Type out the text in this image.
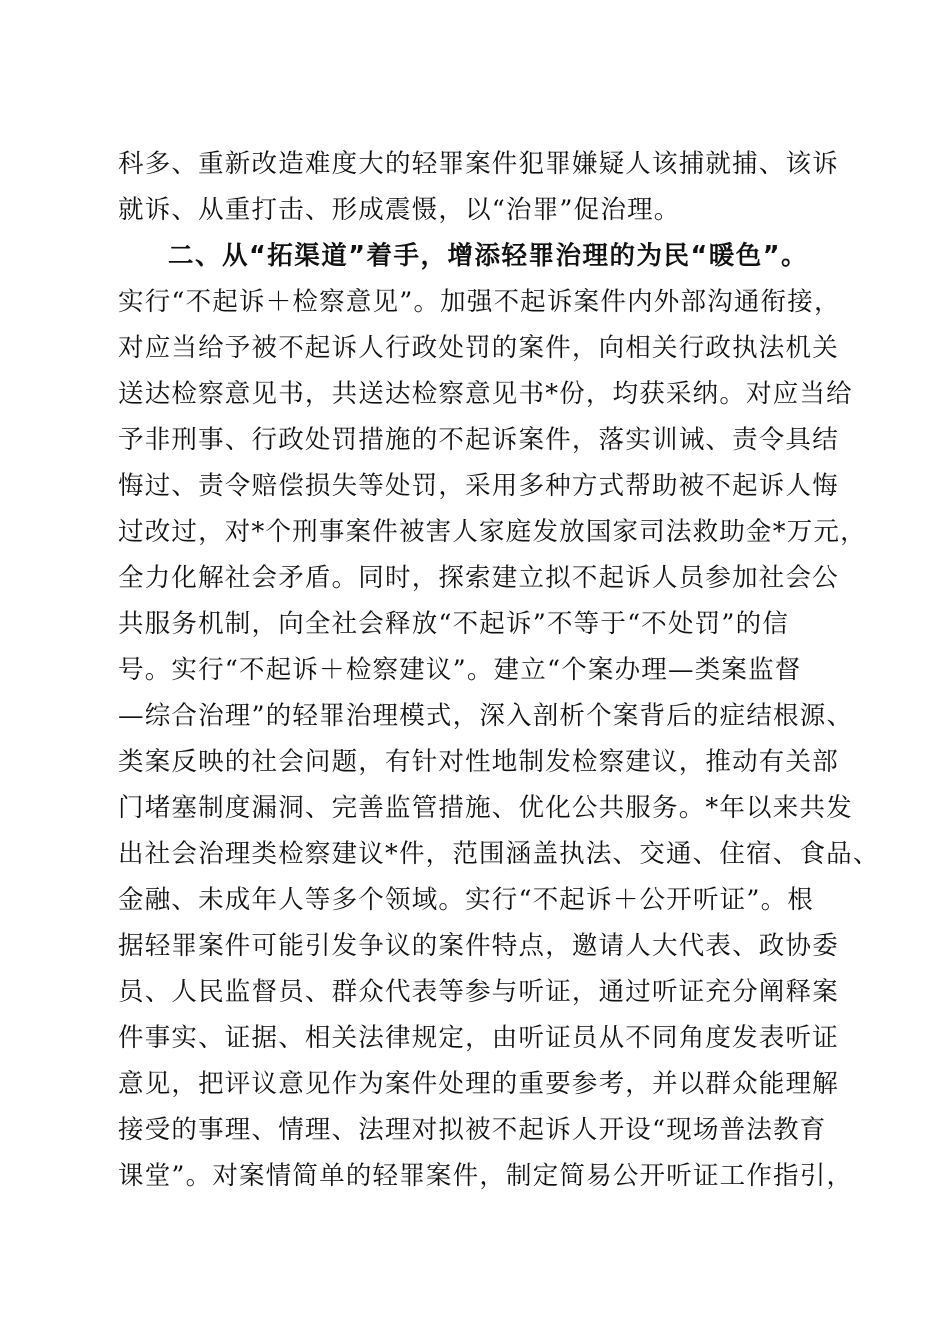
科多、重新改造难度大的轻罪案件犯罪嫌疑人该捕就捕、该诉
就诉、从重打击、形成震慑，以“治罪”促治理。
二、从“拓渠道”着手，增添轻罪治理的为民“暖色”。
实行“不起诉＋检察意见”。加强不起诉案件内外部沟通衔接，
对应当给予被不起诉人行政处罚的案件，向相关行政执法机关
送达检察意见书，共送达检察意见书*份，均获采纳。对应当给
予非刑事、行政处罚措施的不起诉案件，落实训诫、责令具结
悔过、责令赔偿损失等处罚，采用多种方式帮助被不起诉人悔
过改过，对*个刑事案件被害人家庭发放国家司法救助金*万元，
全力化解社会矛盾。同时，探索建立拟不起诉人员参加社会公
共服务机制，向全社会释放“不起诉”不等于“不处罚”的信
号。实行“不起诉＋检察建议”。建立“个案办理—类案监督
—综合治理”的轻罪治理模式，深入剖析个案背后的症结根源、
类案反映的社会问题，有针对性地制发检察建议，推动有关部
门堵塞制度漏洞、完善监管措施、优化公共服务。*年以来共发
出社会治理类检察建议*件，范围涵盖执法、交通、住宿、食品、
金融、未成年人等多个领域。实行“不起诉＋公开听证”。根
据轻罪案件可能引发争议的案件特点，邀请人大代表、政协委
员、人民监督员、群众代表等参与听证，通过听证充分阐释案
件事实、证据、相关法律规定，由听证员从不同角度发表听证
意见，把评议意见作为案件处理的重要参考，并以群众能理解
接受的事理、情理、法理对拟被不起诉人开设“现场普法教育
课堂”。对案情简单的轻罪案件，制定简易公开听证工作指引，
